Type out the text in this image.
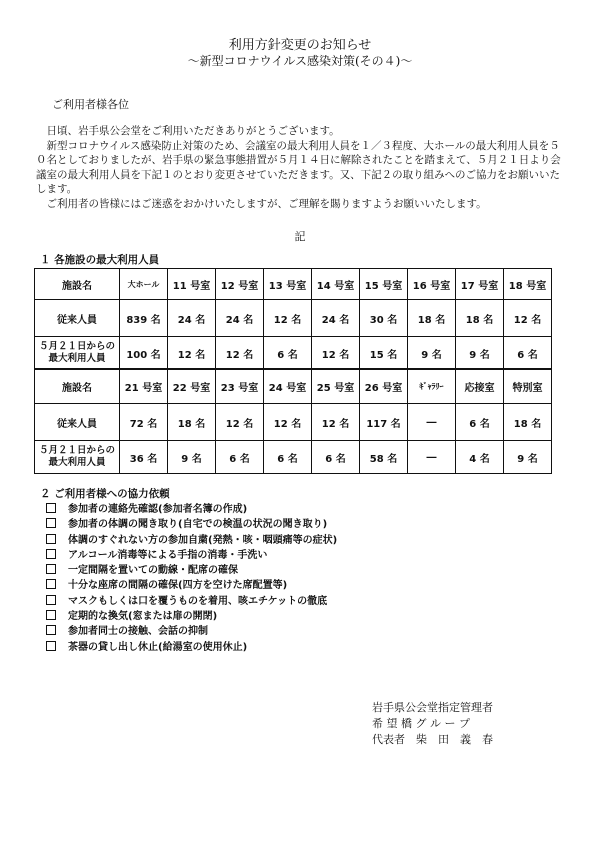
利用方針変更のお知らせ
～新型コロナウイルス感染対策(その４)～
ご利用者様各位

日頃、岩手県公会堂をご利用いただきありがとうございます。

新型コロナウイルス感染防止対策のため、会議室の最大利用人員を１／３程度、大ホールの最大利用人員を５０名としておりましたが、岩手県の緊急事態措置が５月１４日に解除されたことを踏まえて、５月２１日より会議室の最大利用人員を下記１のとおり変更させていただきます。又、下記２の取り組みへのご協力をお願いいたします。

ご利用者の皆様にはご迷惑をおかけいたしますが、ご理解を賜りますようお願いいたします。

記
１ 各施設の最大利用人員
施設名	大ホール	11 号室	12 号室	13 号室	14 号室	15 号室	16 号室	17 号室	18 号室
従来人員	839 名	24 名	24 名	12 名	24 名	30 名	18 名	18 名	12 名
５月２１日からの
最大利用人員	100 名	12 名	12 名	6 名	12 名	15 名	9 名	9 名	6 名
施設名	21 号室	22 号室	23 号室	24 号室	25 号室	26 号室	ｷﾞｬﾗﾘｰ	応接室	特別室
従来人員	72 名	18 名	12 名	12 名	12 名	117 名	―	6 名	18 名
５月２１日からの
最大利用人員	36 名	9 名	6 名	6 名	6 名	58 名	―	4 名	9 名
２ ご利用者様への協力依頼
参加者の連絡先確認(参加者名簿の作成)
参加者の体調の聞き取り(自宅での検温の状況の聞き取り)
体調のすぐれない方の参加自粛(発熱・咳・咽頭痛等の症状)
アルコール消毒等による手指の消毒・手洗い
一定間隔を置いての動線・配席の確保
十分な座席の間隔の確保(四方を空けた席配置等)
マスクもしくは口を覆うものを着用、咳エチケットの徹底
定期的な換気(窓または扉の開閉)
参加者同士の接触、会話の抑制
茶器の貸し出し休止(給湯室の使用休止)
岩手県公会堂指定管理者
希 望 橋 グ ル ー プ
代表者　柴　田　義　春
